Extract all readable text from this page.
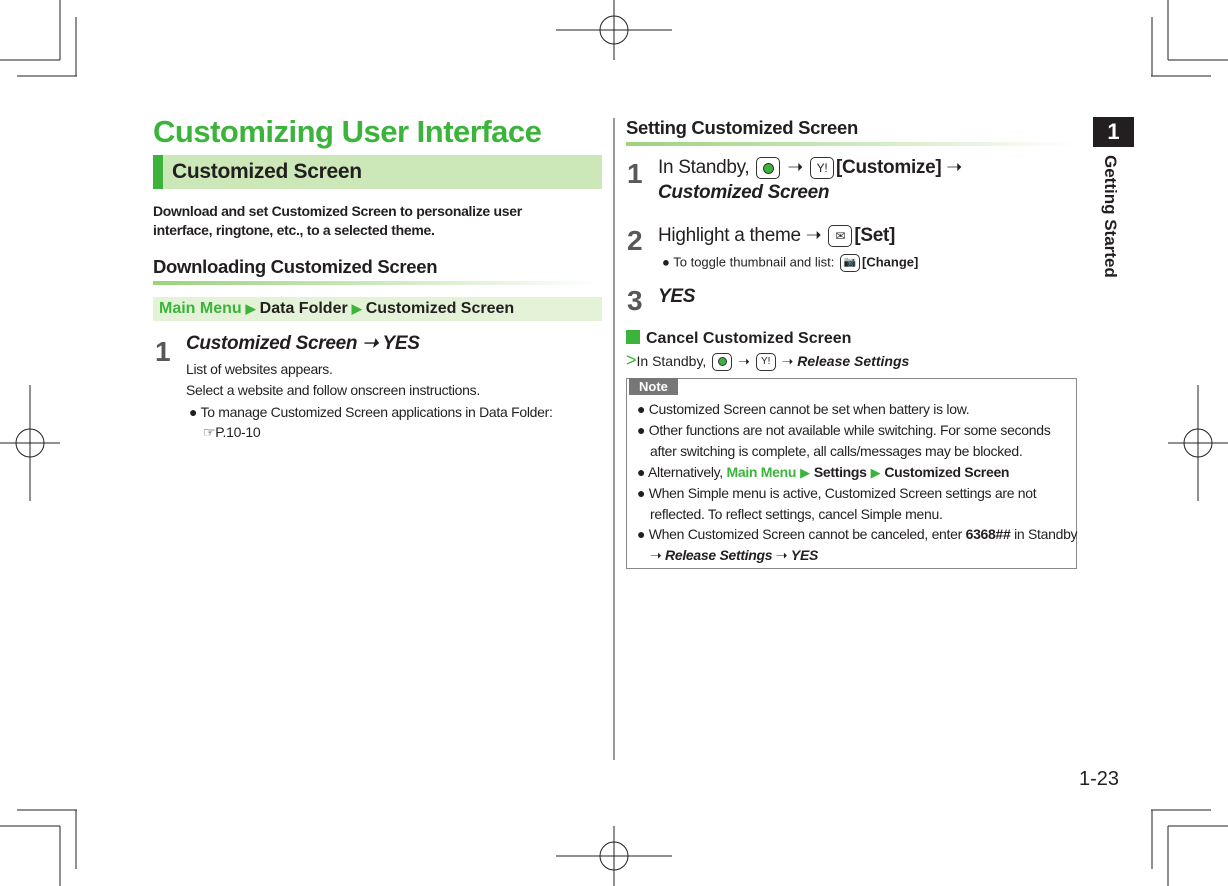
Customizing User Interface
Customized Screen
Download and set Customized Screen to personalize user
interface, ringtone, etc., to a selected theme.
Downloading Customized Screen
Main Menu ▶ Data Folder ▶ Customized Screen
1 Customized Screen ➝ YES
List of websites appears.
Select a website and follow onscreen instructions.
● To manage Customized Screen applications in Data Folder:
☞P.10-10
Setting Customized Screen
1 In Standby, ➝ Y! [Customize] ➝
Customized Screen
2 Highlight a theme ➝ ✉ [Set]
● To toggle thumbnail and list: 📷 [Change]
3 YES
Cancel Customized Screen
>In Standby, ➝ Y! ➝ Release Settings
Note
● Customized Screen cannot be set when battery is low.
● Other functions are not available while switching. For some seconds
after switching is complete, all calls/messages may be blocked.
● Alternatively, Main Menu ▶ Settings ▶ Customized Screen
● When Simple menu is active, Customized Screen settings are not
reflected. To reflect settings, cancel Simple menu.
● When Customized Screen cannot be canceled, enter 6368## in Standby
➝ Release Settings ➝ YES
1
Getting Started
1-23
